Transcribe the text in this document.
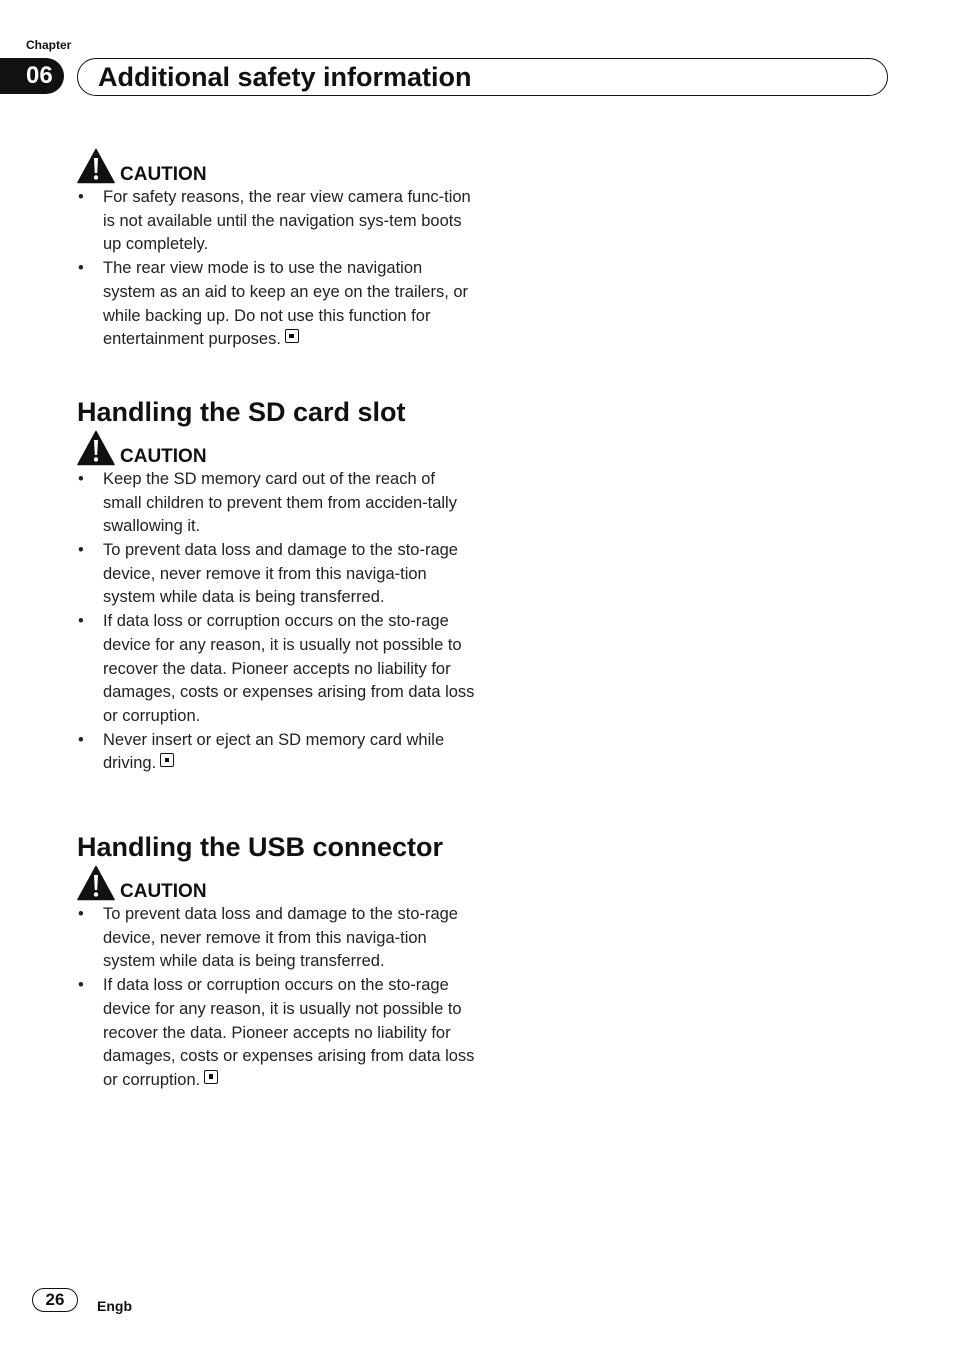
Chapter
06	Additional safety information
CAUTION
• For safety reasons, the rear view camera func-tion is not available until the navigation sys-tem boots up completely.
• The rear view mode is to use the navigation system as an aid to keep an eye on the trailers, or while backing up. Do not use this function for entertainment purposes.
Handling the SD card slot
CAUTION
• Keep the SD memory card out of the reach of small children to prevent them from acciden-tally swallowing it.
• To prevent data loss and damage to the sto-rage device, never remove it from this naviga-tion system while data is being transferred.
• If data loss or corruption occurs on the sto-rage device for any reason, it is usually not possible to recover the data. Pioneer accepts no liability for damages, costs or expenses arising from data loss or corruption.
• Never insert or eject an SD memory card while driving.
Handling the USB connector
CAUTION
• To prevent data loss and damage to the sto-rage device, never remove it from this naviga-tion system while data is being transferred.
• If data loss or corruption occurs on the sto-rage device for any reason, it is usually not possible to recover the data. Pioneer accepts no liability for damages, costs or expenses arising from data loss or corruption.
26	Engb
